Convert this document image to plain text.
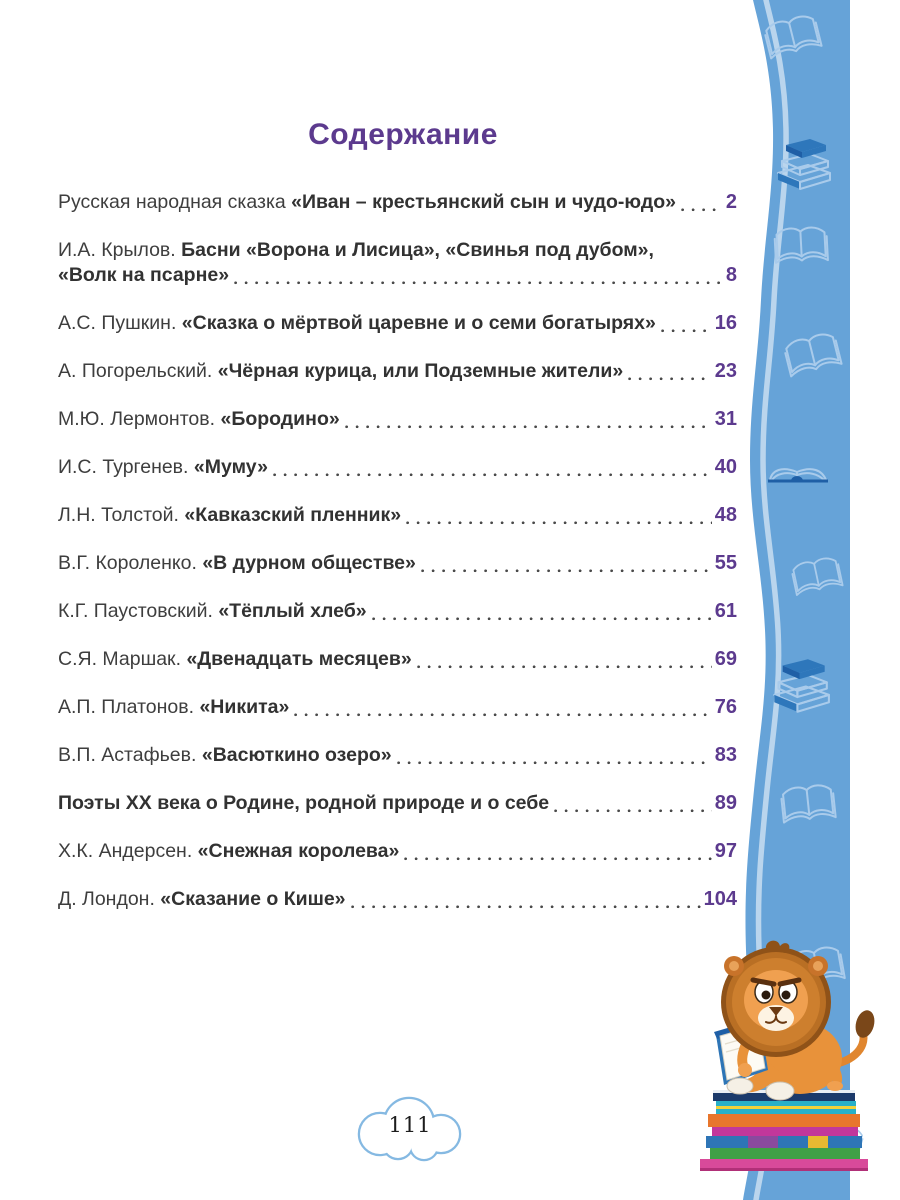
Содержание
Русская народная сказка «Иван – крестьянский сын и чудо-юдо» 2
И.А. Крылов. Басни «Ворона и Лисица», «Свинья под дубом»,
«Волк на псарне»	8
А.С. Пушкин. «Сказка о мёртвой царевне и о семи богатырях»	16
А. Погорельский. «Чёрная курица, или Подземные жители»	23
М.Ю. Лермонтов. «Бородино»	31
И.С. Тургенев. «Муму»	40
Л.Н. Толстой. «Кавказский пленник»	48
В.Г. Короленко. «В дурном обществе»	55
К.Г. Паустовский. «Тёплый хлеб»	61
С.Я. Маршак. «Двенадцать месяцев»	69
А.П. Платонов. «Никита»	76
В.П. Астафьев. «Васюткино озеро»	83
Поэты XX века о Родине, родной природе и о себе	89
Х.К. Андерсен. «Снежная королева»	97
Д. Лондон. «Сказание о Кише»	104
111
